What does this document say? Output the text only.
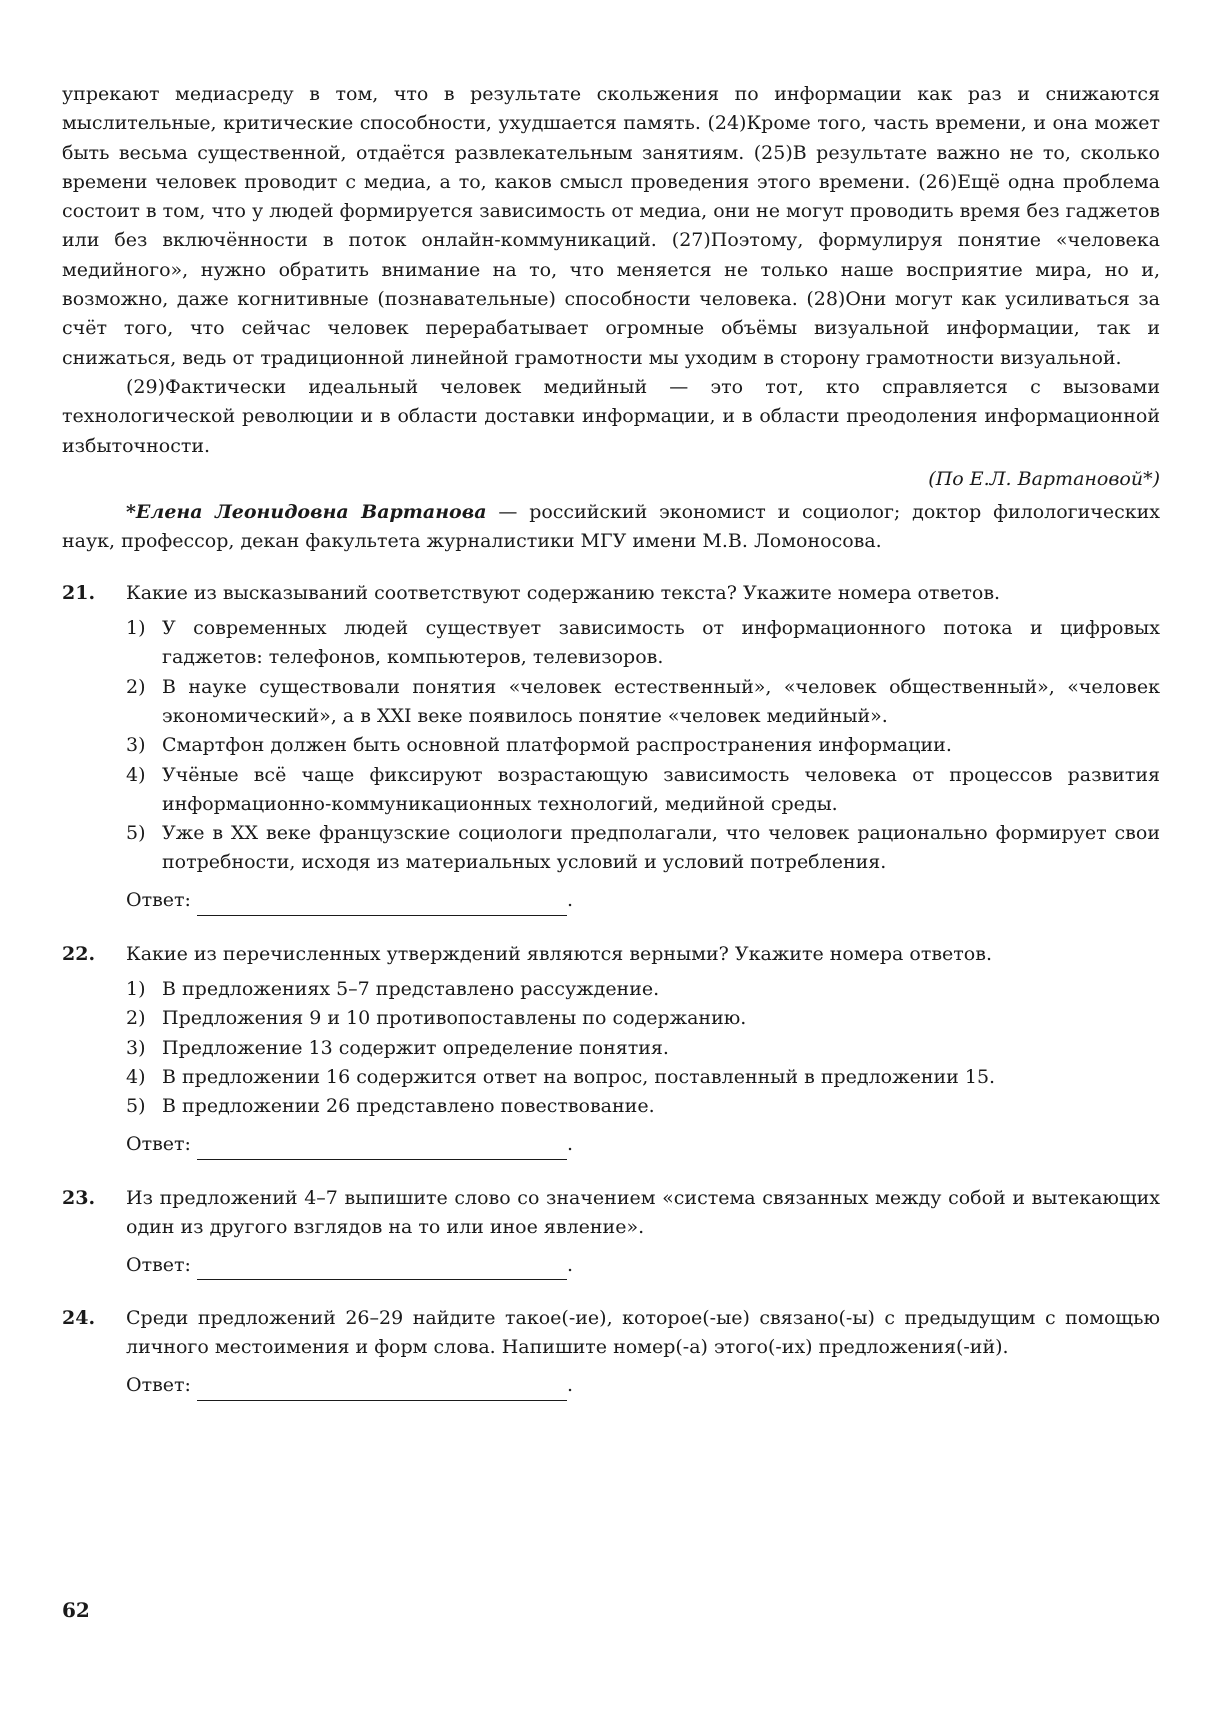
упрекают медиасреду в том, что в результате скольжения по информации как раз и снижаются мыслительные, критические способности, ухудшается память. (24)Кроме того, часть времени, и она может быть весьма существенной, отдаётся развлекательным занятиям. (25)В результате важно не то, сколько времени человек проводит с медиа, а то, каков смысл проведения этого времени. (26)Ещё одна проблема состоит в том, что у людей формируется зависимость от медиа, они не могут проводить время без гаджетов или без включённости в поток онлайн-коммуникаций. (27)Поэтому, формулируя понятие «человека медийного», нужно обратить внимание на то, что меняется не только наше восприятие мира, но и, возможно, даже когнитивные (познавательные) способности человека. (28)Они могут как усиливаться за счёт того, что сейчас человек перерабатывает огромные объёмы визуальной информации, так и снижаться, ведь от традиционной линейной грамотности мы уходим в сторону грамотности визуальной.

(29)Фактически идеальный человек медийный — это тот, кто справляется с вызовами технологической революции и в области доставки информации, и в области преодоления информационной избыточности.

(По Е.Л. Вартановой*)

*Елена Леонидовна Вартанова — российский экономист и социолог; доктор филологических наук, профессор, декан факультета журналистики МГУ имени М.В. Ломоносова.

21. Какие из высказываний соответствуют содержанию текста? Укажите номера ответов.
1) У современных людей существует зависимость от информационного потока и цифровых гаджетов: телефонов, компьютеров, телевизоров.
2) В науке существовали понятия «человек естественный», «человек общественный», «человек экономический», а в XXI веке появилось понятие «человек медийный».
3) Смартфон должен быть основной платформой распространения информации.
4) Учёные всё чаще фиксируют возрастающую зависимость человека от процессов развития информационно-коммуникационных технологий, медийной среды.
5) Уже в XX веке французские социологи предполагали, что человек рационально формирует свои потребности, исходя из материальных условий и условий потребления.
Ответ:	.
22. Какие из перечисленных утверждений являются верными? Укажите номера ответов.
1) В предложениях 5–7 представлено рассуждение.
2) Предложения 9 и 10 противопоставлены по содержанию.
3) Предложение 13 содержит определение понятия.
4) В предложении 16 содержится ответ на вопрос, поставленный в предложении 15.
5) В предложении 26 представлено повествование.
Ответ:	.
23. Из предложений 4–7 выпишите слово со значением «система связанных между собой и вытекающих один из другого взглядов на то или иное явление».
Ответ:	.
24. Среди предложений 26–29 найдите такое(-ие), которое(-ые) связано(-ы) с предыдущим с помощью личного местоимения и форм слова. Напишите номер(-а) этого(-их) предложения(-ий).
Ответ:	.
62
